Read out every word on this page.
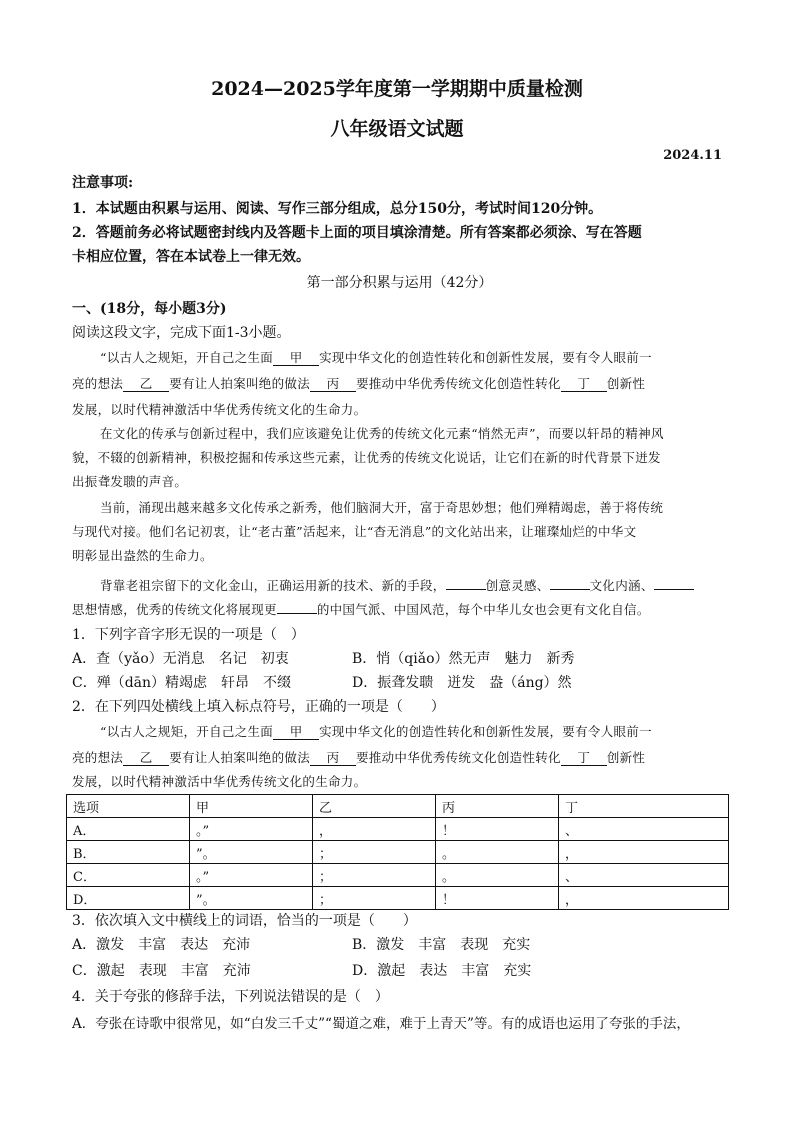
2024—2025学年度第一学期期中质量检测
八年级语文试题
2024.11
注意事项:
1．本试题由积累与运用、阅读、写作三部分组成，总分150分，考试时间120分钟。
2．答题前务必将试题密封线内及答题卡上面的项目填涂清楚。所有答案都必须涂、写在答题
卡相应位置，答在本试卷上一律无效。
第一部分积累与运用（42分）
一、(18分，每小题3分)
阅读这段文字，完成下面1-3小题。
“以古人之规矩，开自己之生面 甲 实现中华文化的创造性转化和创新性发展，要有令人眼前一
亮的想法 乙 要有让人拍案叫绝的做法 丙 要推动中华优秀传统文化创造性转化 丁 创新性
发展，以时代精神激活中华优秀传统文化的生命力。
在文化的传承与创新过程中，我们应该避免让优秀的传统文化元素“悄然无声”，而要以轩昂的精神风
貌，不辍的创新精神，积极挖掘和传承这些元素，让优秀的传统文化说话，让它们在新的时代背景下迸发
出振聋发聩的声音。
当前，涌现出越来越多文化传承之新秀，他们脑洞大开，富于奇思妙想；他们殚精竭虑，善于将传统
与现代对接。他们名记初衷，让“老古董”活起来，让“杳无消息”的文化站出来，让璀璨灿烂的中华文
明彰显出盎然的生命力。
背靠老祖宗留下的文化金山，正确运用新的技术、新的手段，	创意灵感、	文化内涵、
思想情感，优秀的传统文化将展现更	的中国气派、中国风范，每个中华儿女也会更有文化自信。
1．下列字音字形无误的一项是（　）
A．查（yǎo）无消息　名记　初衷	B．悄（qiǎo）然无声　魅力　新秀
C．殚（dān）精竭虑　轩昂　不缀	D．振聋发聩　迸发　盎（áng）然
2．在下列四处横线上填入标点符号，正确的一项是（　　）
“以古人之规矩，开自己之生面 甲 实现中华文化的创造性转化和创新性发展，要有令人眼前一
亮的想法 乙 要有让人拍案叫绝的做法 丙 要推动中华优秀传统文化创造性转化 丁 创新性
发展，以时代精神激活中华优秀传统文化的生命力。
选项	甲	乙	丙	丁
A．	。”	，	！	、
B．	”。	；	。	，
C．	。”	；	。	、
D．	”。	；	！	，
3．依次填入文中横线上的词语，恰当的一项是（　　）
A．激发　丰富　表达　充沛	B．激发　丰富　表现　充实
C．激起　表现　丰富　充沛	D．激起　表达　丰富　充实
4．关于夸张的修辞手法，下列说法错误的是（　）
A．夸张在诗歌中很常见，如“白发三千丈”“蜀道之难，难于上青天”等。有的成语也运用了夸张的手法，
